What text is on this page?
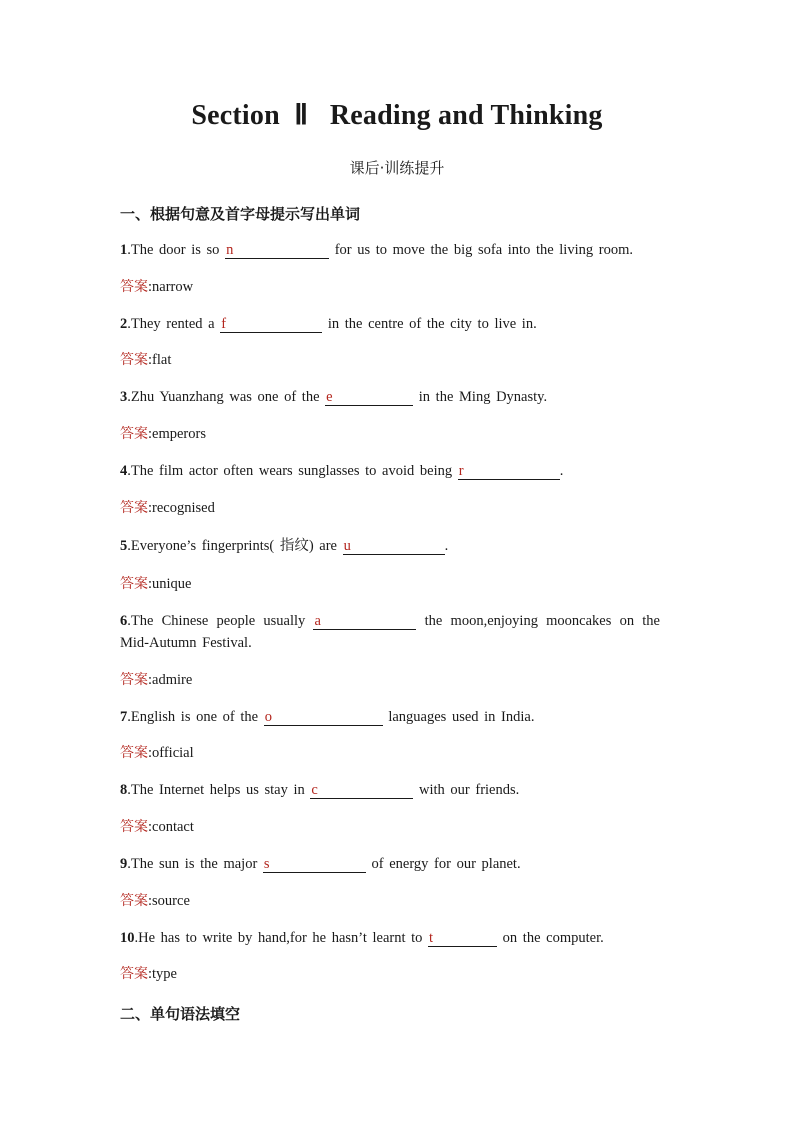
Section  Ⅱ   Reading and Thinking
课后·训练提升
一、根据句意及首字母提示写出单词
1.The door is so n	for us to move the big sofa into the living room.
答案:narrow
2.They rented a f	in the centre of the city to live in.
答案:flat
3.Zhu Yuanzhang was one of the e	in the Ming Dynasty.
答案:emperors
4.The film actor often wears sunglasses to avoid being r	.
答案:recognised
5.Everyone’s fingerprints( 指纹) are u	.
答案:unique
6.The Chinese people usually a	the moon,enjoying mooncakes on the Mid-Autumn Festival.
答案:admire
7.English is one of the o	languages used in India.
答案:official
8.The Internet helps us stay in c	with our friends.
答案:contact
9.The sun is the major s	of energy for our planet.
答案:source
10.He has to write by hand,for he hasn’t learnt to t	on the computer.
答案:type
二、单句语法填空
